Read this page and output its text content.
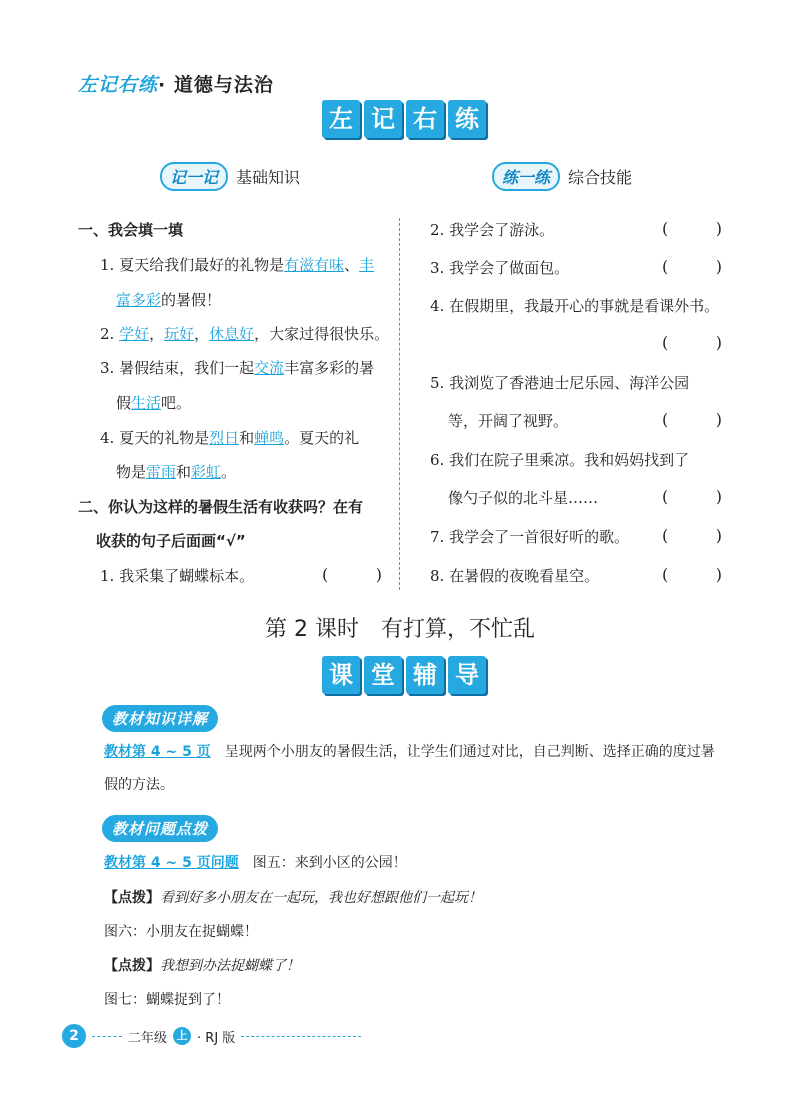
左记右练· 道德与法治
左 记 右 练
记一记	基础知识	练一练	综合技能
一、我会填一填
1. 夏天给我们最好的礼物是有滋有味、丰
富多彩的暑假！
2. 学好，玩好，休息好，大家过得很快乐。
3. 暑假结束，我们一起交流丰富多彩的暑
假生活吧。
4. 夏天的礼物是烈日和蝉鸣。夏天的礼
物是雷雨和彩虹。
二、你认为这样的暑假生活有收获吗？在有
收获的句子后面画“√”
1. 我采集了蝴蝶标本。	(	)
2. 我学会了游泳。	(	)
3. 我学会了做面包。	(	)
4. 在假期里，我最开心的事就是看课外书。
(	)
5. 我浏览了香港迪士尼乐园、海洋公园
等，开阔了视野。	(	)
6. 我们在院子里乘凉。我和妈妈找到了
像勺子似的北斗星……	(	)
7. 我学会了一首很好听的歌。 (	)
8. 在暑假的夜晚看星空。	(	)
第 2 课时　有打算，不忙乱
课 堂 辅 导
教材知识详解
教材第 4 ~ 5 页　呈现两个小朋友的暑假生活，让学生们通过对比，自己判断、选择正确的度过暑
假的方法。
教材问题点拨
教材第 4 ~ 5 页问题　图五：来到小区的公园！
【点拨】看到好多小朋友在一起玩，我也好想跟他们一起玩！
图六：小朋友在捉蝴蝶！
【点拨】我想到办法捉蝴蝶了！
图七：蝴蝶捉到了！
2	二年级 上 · RJ 版
